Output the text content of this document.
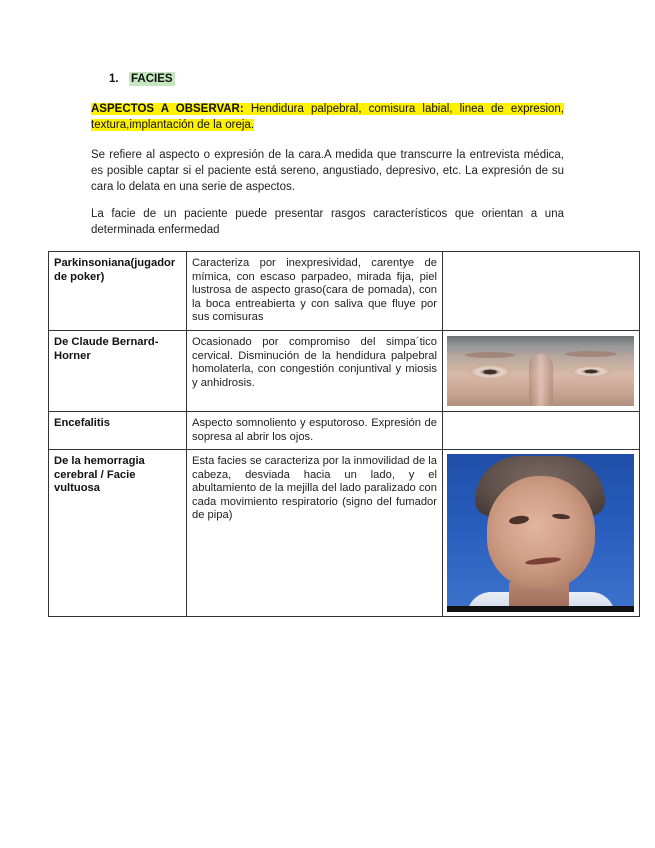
1. FACIES
ASPECTOS A OBSERVAR: Hendidura palpebral, comisura labial, linea de expresion, textura,implantación de la oreja.
Se refiere al aspecto o expresión de la cara.A medida que transcurre la entrevista médica, es posible captar si el paciente está sereno, angustiado, depresivo, etc. La expresión de su cara lo delata en una serie de aspectos.
La facie de un paciente puede presentar rasgos característicos que orientan a una determinada enfermedad
Parkinsoniana(jugador de poker)	Caracteriza por inexpresividad, carentye de mímica, con escaso parpadeo, mirada fija, piel lustrosa de aspecto graso(cara de pomada), con la boca entreabierta y con saliva que fluye por sus comisuras	
De Claude Bernard-Horner	Ocasionado por compromiso del simpa´tico cervical. Disminución de la hendidura palpebral homolaterla, con congestión conjuntival y miosis y anhidrosis.	

Encefalitis	Aspecto somnoliento y esputoroso. Expresión de sopresa al abrir los ojos.	
De la hemorragia cerebral / Facie vultuosa	Esta facies se caracteriza por la inmovilidad de la cabeza, desviada hacia un lado, y el abultamiento de la mejilla del lado paralizado con cada movimiento respiratorio (signo del fumador de pipa)	
